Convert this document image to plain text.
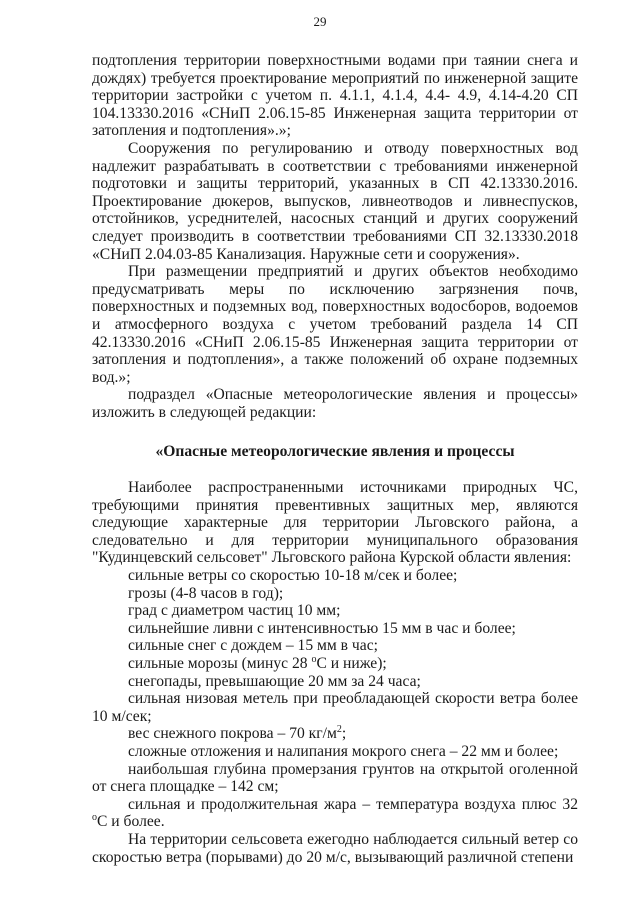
29

подтопления территории поверхностными водами при таянии снега и дождях) требуется проектирование мероприятий по инженерной защите территории застройки с учетом п. 4.1.1, 4.1.4, 4.4- 4.9, 4.14-4.20 СП 104.13330.2016 «СНиП 2.06.15-85 Инженерная защита территории от затопления и подтопления».»;

Сооружения по регулированию и отводу поверхностных вод надлежит разрабатывать в соответствии с требованиями инженерной подготовки и защиты территорий, указанных в СП 42.13330.2016. Проектирование дюкеров, выпусков, ливнеотводов и ливнеспусков, отстойников, усреднителей, насосных станций и других сооружений следует производить в соответствии требованиями СП 32.13330.2018 «СНиП 2.04.03-85 Канализация. Наружные сети и сооружения».

При размещении предприятий и других объектов необходимо предусматривать меры по исключению загрязнения почв, поверхностных и подземных вод, поверхностных водосборов, водоемов и атмосферного воздуха с учетом требований раздела 14 СП 42.13330.2016 «СНиП 2.06.15-85 Инженерная защита территории от затопления и подтопления», а также положений об охране подземных вод.»;

подраздел «Опасные метеорологические явления и процессы» изложить в следующей редакции:

«Опасные метеорологические явления и процессы

Наиболее распространенными источниками природных ЧС, требующими принятия превентивных защитных мер, являются следующие характерные для территории Льговского района, а следовательно и для территории муниципального образования "Кудинцевский сельсовет" Льговского района Курской области явления:

сильные ветры со скоростью 10-18 м/сек и более;

грозы (4-8 часов в год);

град с диаметром частиц 10 мм;

сильнейшие ливни с интенсивностью 15 мм в час и более;

сильные снег с дождем – 15 мм в час;

сильные морозы (минус 28 $^о$С и ниже);

снегопады, превышающие 20 мм за 24 часа;

сильная низовая метель при преобладающей скорости ветра более 10 м/сек;

вес снежного покрова – 70 $кг/м^2$;

сложные отложения и налипания мокрого снега – 22 мм и более;

наибольшая глубина промерзания грунтов на открытой оголенной от снега площадке – 142 см;

сильная и продолжительная жара – температура воздуха плюс 32 $^о$С и более.

На территории сельсовета ежегодно наблюдается сильный ветер со скоростью ветра (порывами) до 20 м/с, вызывающий различной степени
